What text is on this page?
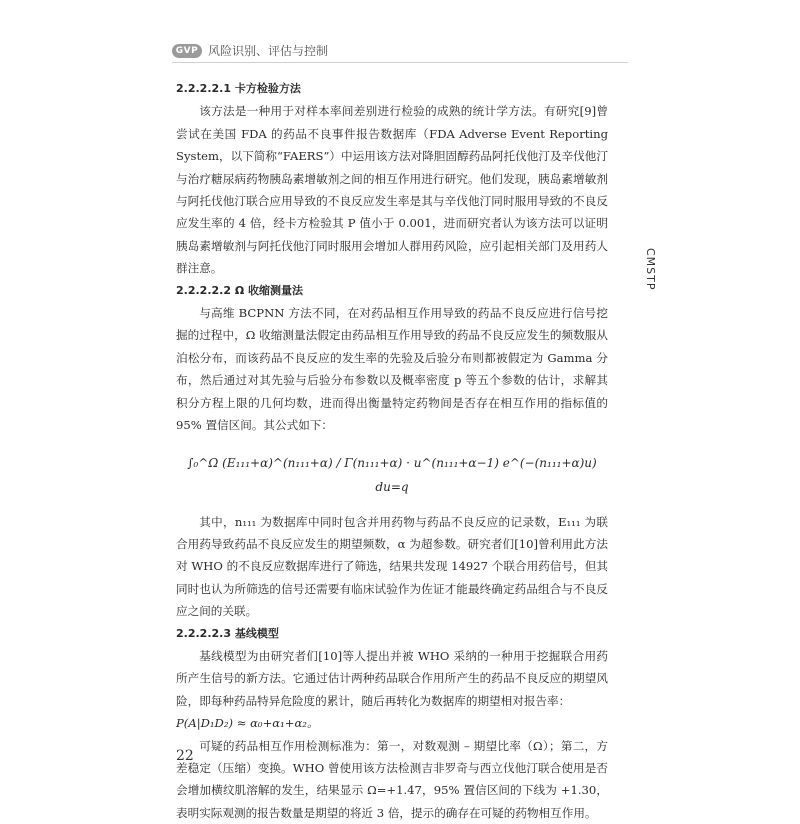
GVP 风险识别、评估与控制
2.2.2.2.1 卡方检验方法

该方法是一种用于对样本率间差别进行检验的成熟的统计学方法。有研究[9]曾尝试在美国 FDA 的药品不良事件报告数据库（FDA Adverse Event Reporting System，以下简称“FAERS”）中运用该方法对降胆固醇药品阿托伐他汀及辛伐他汀与治疗糖尿病药物胰岛素增敏剂之间的相互作用进行研究。他们发现，胰岛素增敏剂与阿托伐他汀联合应用导致的不良反应发生率是其与辛伐他汀同时服用导致的不良反应发生率的 4 倍，经卡方检验其 P 值小于 0.001，进而研究者认为该方法可以证明胰岛素增敏剂与阿托伐他汀同时服用会增加人群用药风险，应引起相关部门及用药人群注意。

2.2.2.2.2 Ω 收缩测量法

与高维 BCPNN 方法不同，在对药品相互作用导致的药品不良反应进行信号挖掘的过程中，Ω 收缩测量法假定由药品相互作用导致的药品不良反应发生的频数服从泊松分布，而该药品不良反应的发生率的先验及后验分布则都被假定为 Gamma 分布，然后通过对其先验与后验分布参数以及概率密度 p 等五个参数的估计，求解其积分方程上限的几何均数，进而得出衡量特定药物间是否存在相互作用的指标值的 95% 置信区间。其公式如下：

∫₀^Ω (E₁₁₁+α)^(n₁₁₁+α) / Γ(n₁₁₁+α) · u^(n₁₁₁+α−1) e^(−(n₁₁₁+α)u) du=q

其中，n₁₁₁ 为数据库中同时包含并用药物与药品不良反应的记录数，E₁₁₁ 为联合用药导致药品不良反应发生的期望频数，α 为超参数。研究者们[10]曾利用此方法对 WHO 的不良反应数据库进行了筛选，结果共发现 14927 个联合用药信号，但其同时也认为所筛选的信号还需要有临床试验作为佐证才能最终确定药品组合与不良反应之间的关联。

2.2.2.2.3 基线模型

基线模型为由研究者们[10]等人提出并被 WHO 采纳的一种用于挖掘联合用药所产生信号的新方法。它通过估计两种药品联合作用所产生的药品不良反应的期望风险，即每种药品特异危险度的累计，随后再转化为数据库的期望相对报告率：

P(A|D₁D₂) ≈ α₀+α₁+α₂。

可疑的药品相互作用检测标准为：第一，对数观测 – 期望比率（Ω）；第二，方差稳定（压缩）变换。WHO 曾使用该方法检测吉非罗奇与西立伐他汀联合使用是否会增加横纹肌溶解的发生，结果显示 Ω=+1.47，95% 置信区间的下线为 +1.30，表明实际观测的报告数量是期望的将近 3 倍，提示的确存在可疑的药物相互作用。

CMSTP
22
